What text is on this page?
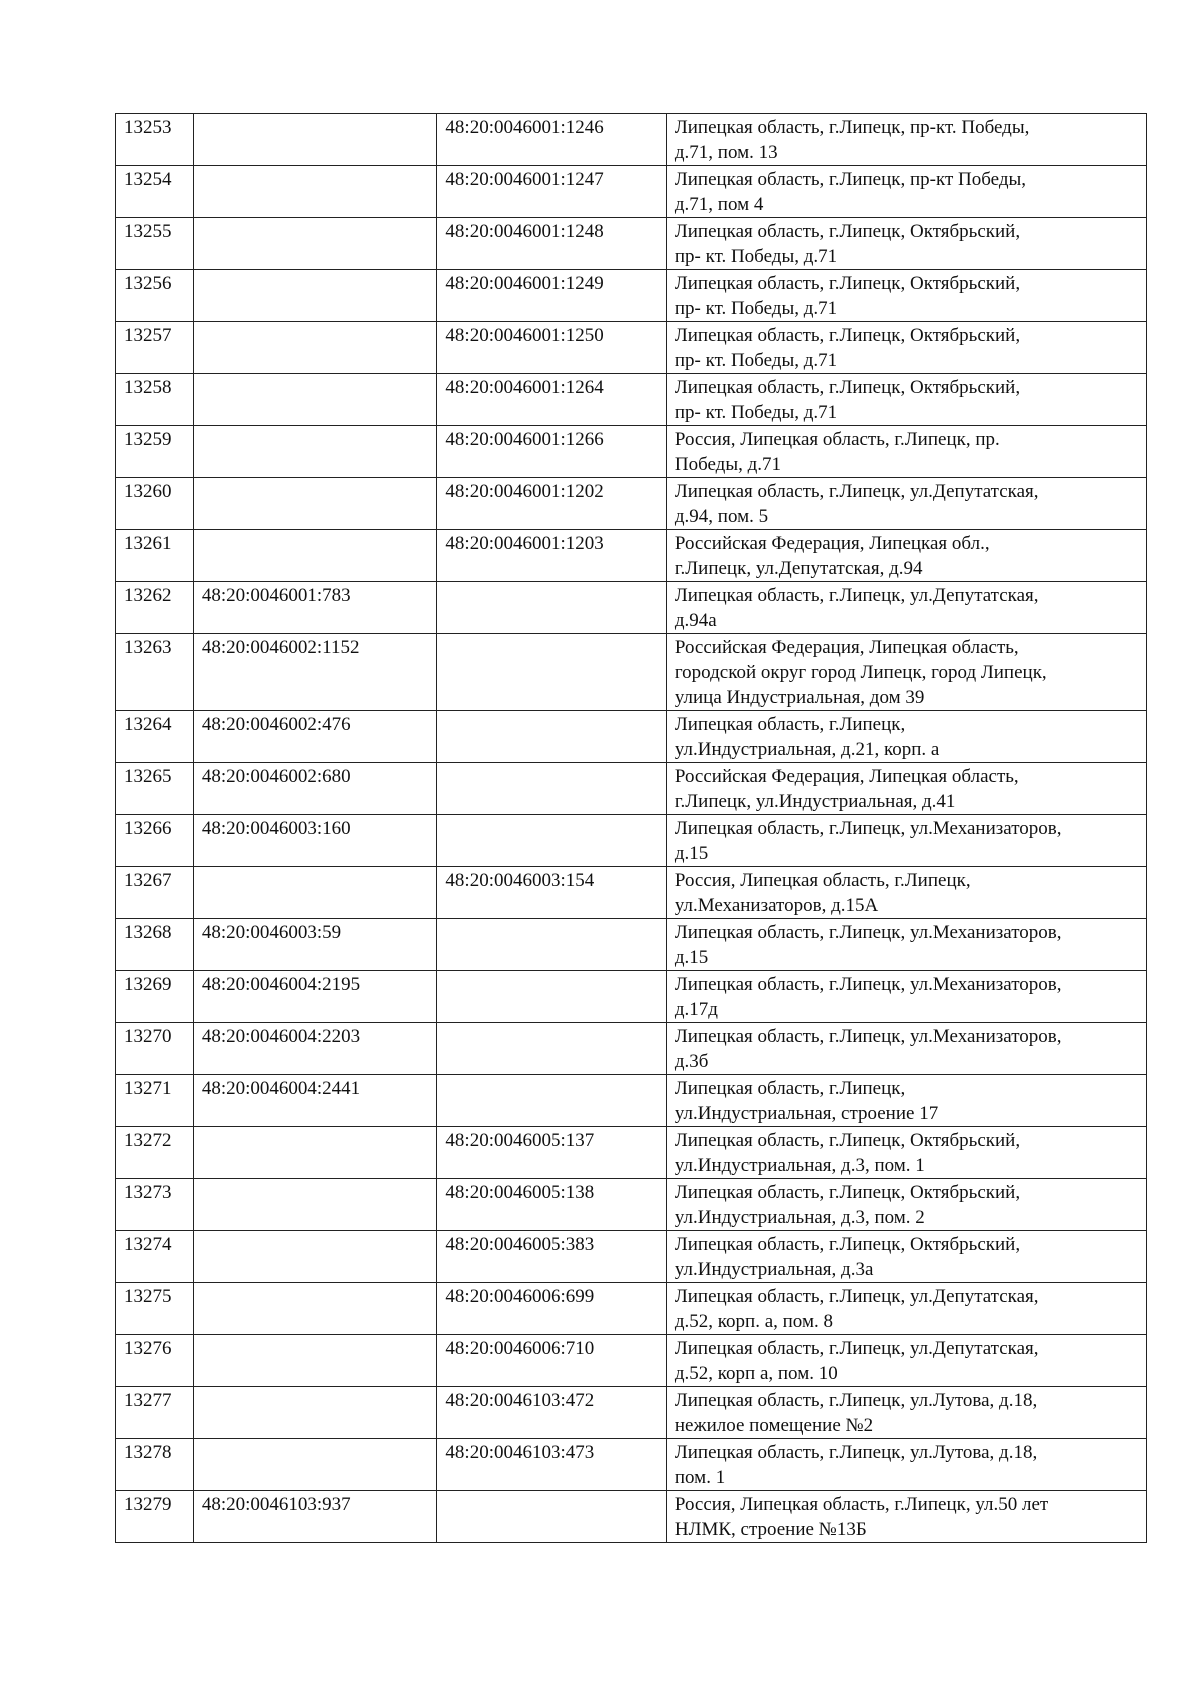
13253		48:20:0046001:1246	Липецкая область, г.Липецк, пр-кт. Победы,
д.71, пом. 13

13254		48:20:0046001:1247	Липецкая область, г.Липецк, пр-кт Победы,
д.71, пом 4

13255		48:20:0046001:1248	Липецкая область, г.Липецк, Октябрьский,
пр- кт. Победы, д.71

13256		48:20:0046001:1249	Липецкая область, г.Липецк, Октябрьский,
пр- кт. Победы, д.71

13257		48:20:0046001:1250	Липецкая область, г.Липецк, Октябрьский,
пр- кт. Победы, д.71

13258		48:20:0046001:1264	Липецкая область, г.Липецк, Октябрьский,
пр- кт. Победы, д.71

13259		48:20:0046001:1266	Россия, Липецкая область, г.Липецк, пр.
Победы, д.71

13260		48:20:0046001:1202	Липецкая область, г.Липецк, ул.Депутатская,
д.94, пом. 5

13261		48:20:0046001:1203	Российская Федерация, Липецкая обл.,
г.Липецк, ул.Депутатская, д.94

13262	48:20:0046001:783		Липецкая область, г.Липецк, ул.Депутатская,
д.94а

13263	48:20:0046002:1152		Российская Федерация, Липецкая область,
городской округ город Липецк, город Липецк,
улица Индустриальная, дом 39

13264	48:20:0046002:476		Липецкая область, г.Липецк,
ул.Индустриальная, д.21, корп. а

13265	48:20:0046002:680		Российская Федерация, Липецкая область,
г.Липецк, ул.Индустриальная, д.41

13266	48:20:0046003:160		Липецкая область, г.Липецк, ул.Механизаторов,
д.15

13267		48:20:0046003:154	Россия, Липецкая область, г.Липецк,
ул.Механизаторов, д.15А

13268	48:20:0046003:59		Липецкая область, г.Липецк, ул.Механизаторов,
д.15

13269	48:20:0046004:2195		Липецкая область, г.Липецк, ул.Механизаторов,
д.17д

13270	48:20:0046004:2203		Липецкая область, г.Липецк, ул.Механизаторов,
д.3б

13271	48:20:0046004:2441		Липецкая область, г.Липецк,
ул.Индустриальная, строение 17

13272		48:20:0046005:137	Липецкая область, г.Липецк, Октябрьский,
ул.Индустриальная, д.3, пом. 1

13273		48:20:0046005:138	Липецкая область, г.Липецк, Октябрьский,
ул.Индустриальная, д.3, пом. 2

13274		48:20:0046005:383	Липецкая область, г.Липецк, Октябрьский,
ул.Индустриальная, д.3а

13275		48:20:0046006:699	Липецкая область, г.Липецк, ул.Депутатская,
д.52, корп. а, пом. 8

13276		48:20:0046006:710	Липецкая область, г.Липецк, ул.Депутатская,
д.52, корп а, пом. 10

13277		48:20:0046103:472	Липецкая область, г.Липецк, ул.Лутова, д.18,
нежилое помещение №2

13278		48:20:0046103:473	Липецкая область, г.Липецк, ул.Лутова, д.18,
пом. 1

13279	48:20:0046103:937		Россия, Липецкая область, г.Липецк, ул.50 лет
НЛМК, строение №13Б
